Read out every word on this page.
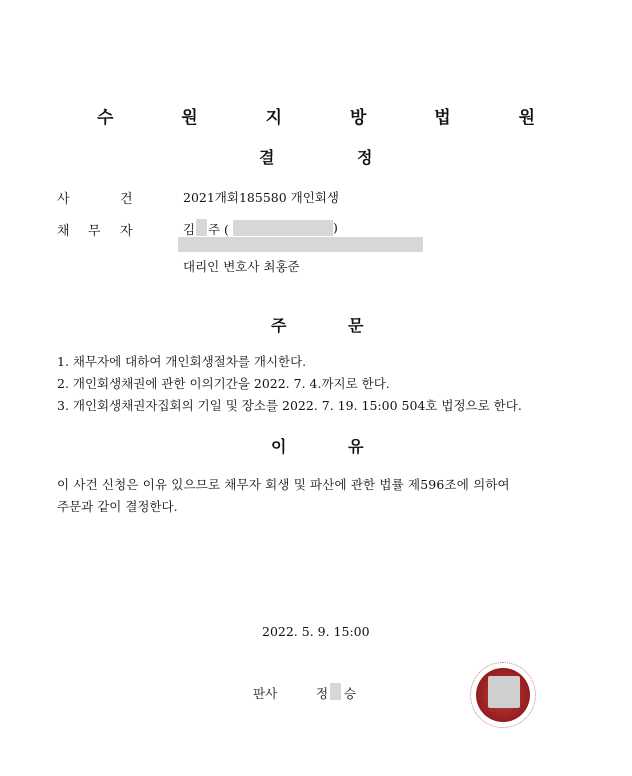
수 원 지 방 법 원
결	정
사	건	2021개회185580 개인회생
채 무 자	김 주 (	)
대리인 변호사 최홍준
주	문
1. 채무자에 대하여 개인회생절차를 개시한다.
2. 개인회생채권에 관한 이의기간을 2022. 7. 4.까지로 한다.
3. 개인회생채권자집회의 기일 및 장소를 2022. 7. 19. 15:00 504호 법정으로 한다.
이	유
이 사건 신청은 이유 있으므로 채무자 회생 및 파산에 관한 법률 제596조에 의하여
주문과 같이 결정한다.
2022. 5. 9. 15:00
판사	정 승
